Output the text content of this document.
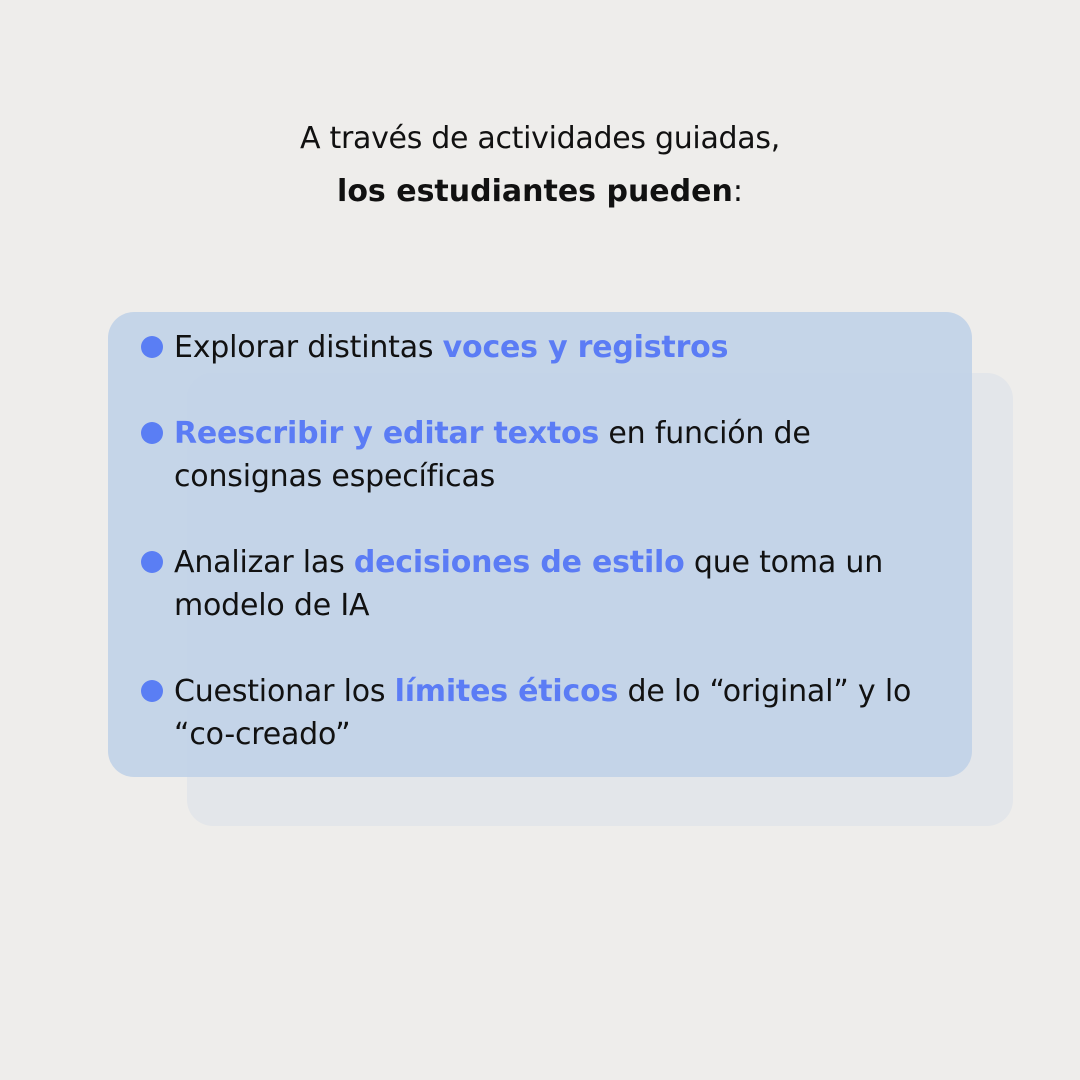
A través de actividades guiadas,
los estudiantes pueden:
Explorar distintas voces y registros
Reescribir y editar textos en función de consignas específicas
Analizar las decisiones de estilo que toma un modelo de IA
Cuestionar los límites éticos de lo “original” y lo “co-creado”
